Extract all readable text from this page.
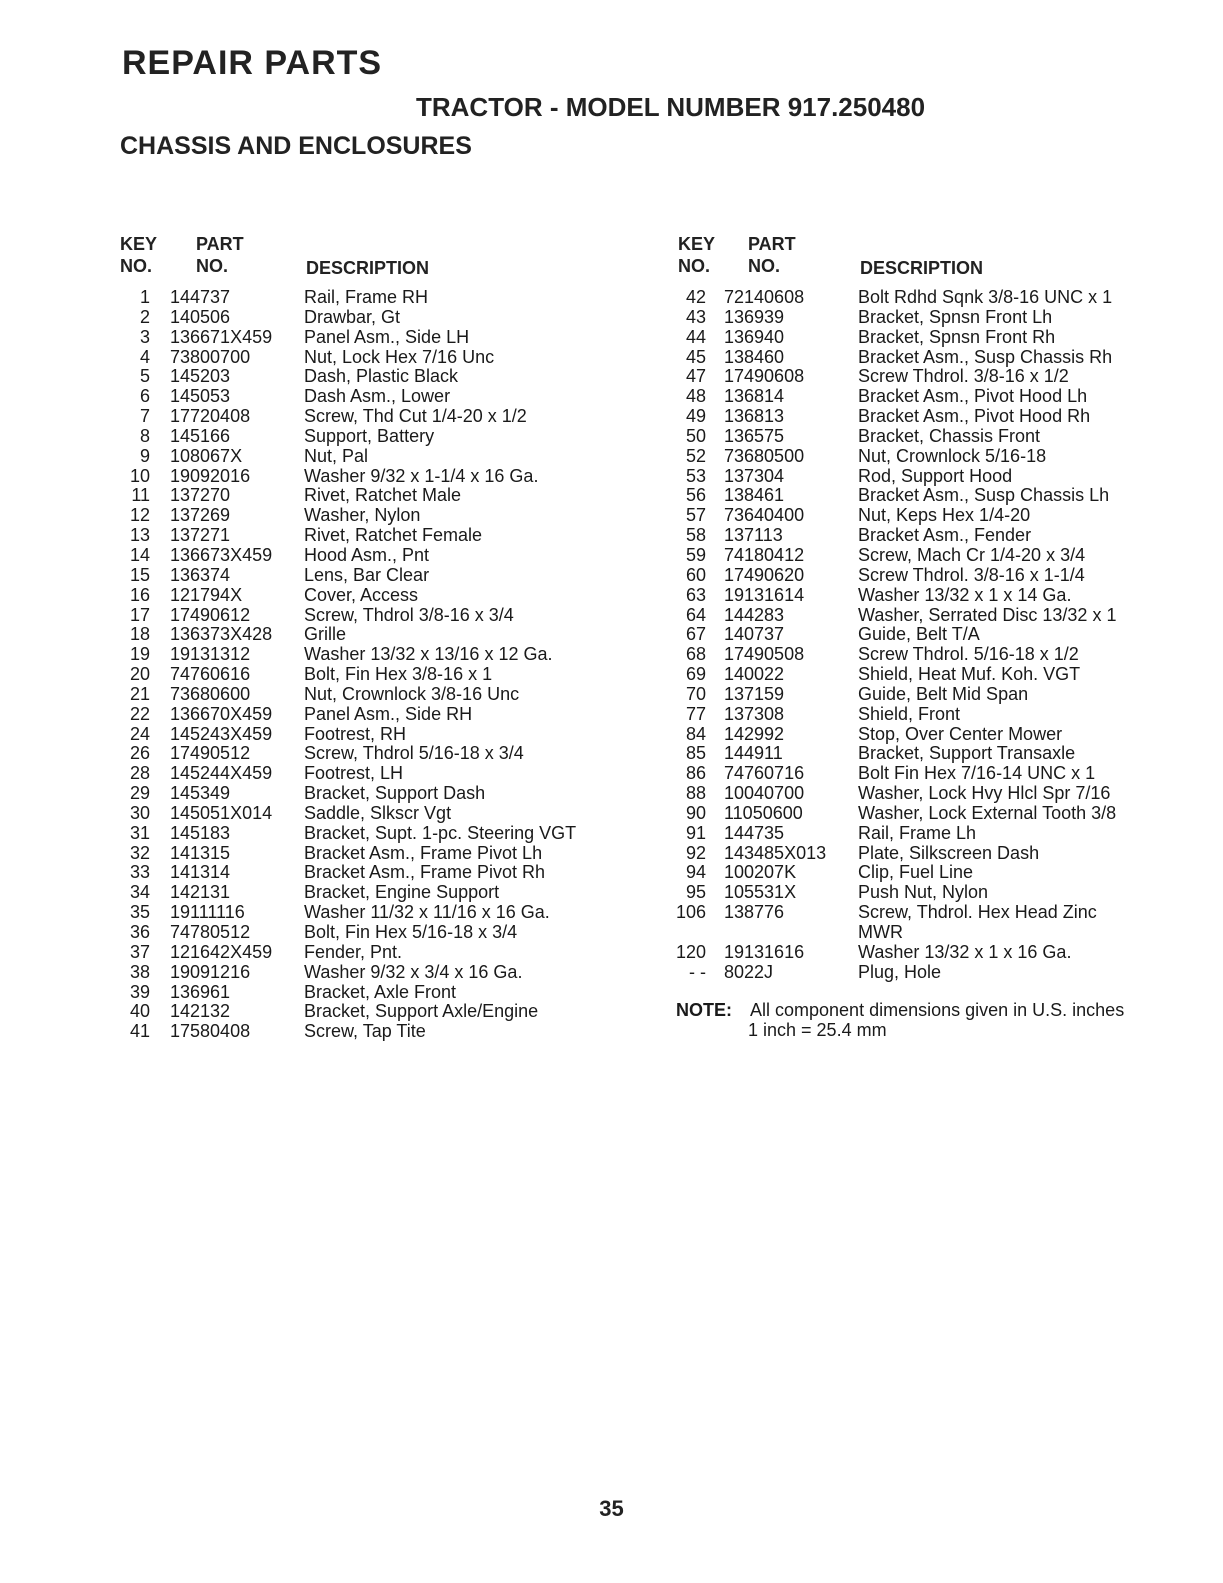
REPAIR PARTS
TRACTOR - MODEL NUMBER 917.250480
CHASSIS AND ENCLOSURES
KEY
NO.
PART
NO.	DESCRIPTION
1 144737	Rail, Frame RH
2 140506	Drawbar, Gt
3 136671X459 Panel Asm., Side LH
4 73800700	Nut, Lock Hex 7/16 Unc
5 145203	Dash, Plastic Black
6 145053	Dash Asm., Lower
7 17720408	Screw, Thd Cut 1/4-20 x 1/2
8 145166	Support, Battery
9 108067X	Nut, Pal
10 19092016	Washer 9/32 x 1-1/4 x 16 Ga.
11 137270	Rivet, Ratchet Male
12 137269	Washer, Nylon
13 137271	Rivet, Ratchet Female
14 136673X459 Hood Asm., Pnt
15 136374	Lens, Bar Clear
16 121794X	Cover, Access
17 17490612	Screw, Thdrol 3/8-16 x 3/4
18 136373X428 Grille
19 19131312	Washer 13/32 x 13/16 x 12 Ga.
20 74760616	Bolt, Fin Hex 3/8-16 x 1
21 73680600	Nut, Crownlock 3/8-16 Unc
22 136670X459 Panel Asm., Side RH
24 145243X459 Footrest, RH
26 17490512	Screw, Thdrol 5/16-18 x 3/4
28 145244X459 Footrest, LH
29 145349	Bracket, Support Dash
30 145051X014 Saddle, Slkscr Vgt
31 145183	Bracket, Supt. 1-pc. Steering VGT
32 141315	Bracket Asm., Frame Pivot Lh
33 141314	Bracket Asm., Frame Pivot Rh
34 142131	Bracket, Engine Support
35 19111116	Washer 11/32 x 11/16 x 16 Ga.
36 74780512	Bolt, Fin Hex 5/16-18 x 3/4
37 121642X459 Fender, Pnt.
38 19091216	Washer 9/32 x 3/4 x 16 Ga.
39 136961	Bracket, Axle Front
40 142132	Bracket, Support Axle/Engine
41 17580408	Screw, Tap Tite
KEY
NO.
PART
NO.	DESCRIPTION
42 72140608	Bolt Rdhd Sqnk 3/8-16 UNC x 1
43 136939	Bracket, Spnsn Front Lh
44 136940	Bracket, Spnsn Front Rh
45 138460	Bracket Asm., Susp Chassis Rh
47 17490608	Screw Thdrol. 3/8-16 x 1/2
48 136814	Bracket Asm., Pivot Hood Lh
49 136813	Bracket Asm., Pivot Hood Rh
50 136575	Bracket, Chassis Front
52 73680500	Nut, Crownlock 5/16-18
53 137304	Rod, Support Hood
56 138461	Bracket Asm., Susp Chassis Lh
57 73640400	Nut, Keps Hex 1/4-20
58 137113	Bracket Asm., Fender
59 74180412	Screw, Mach Cr 1/4-20 x 3/4
60 17490620	Screw Thdrol. 3/8-16 x 1-1/4
63 19131614	Washer 13/32 x 1 x 14 Ga.
64 144283	Washer, Serrated Disc 13/32 x 1
67 140737	Guide, Belt T/A
68 17490508	Screw Thdrol. 5/16-18 x 1/2
69 140022	Shield, Heat Muf. Koh. VGT
70 137159	Guide, Belt Mid Span
77 137308	Shield, Front
84 142992	Stop, Over Center Mower
85 144911	Bracket, Support Transaxle
86 74760716	Bolt Fin Hex 7/16-14 UNC x 1
88 10040700	Washer, Lock Hvy Hlcl Spr 7/16
90 11050600	Washer, Lock External Tooth 3/8
91 144735	Rail, Frame Lh
92 143485X013 Plate, Silkscreen Dash
94 100207K	Clip, Fuel Line
95 105531X	Push Nut, Nylon
106 138776	Screw, Thdrol. Hex Head Zinc
MWR
120 19131616	Washer 13/32 x 1 x 16 Ga.
- - 8022J	Plug, Hole
NOTE: All component dimensions given in U.S. inches
1 inch = 25.4 mm
35
